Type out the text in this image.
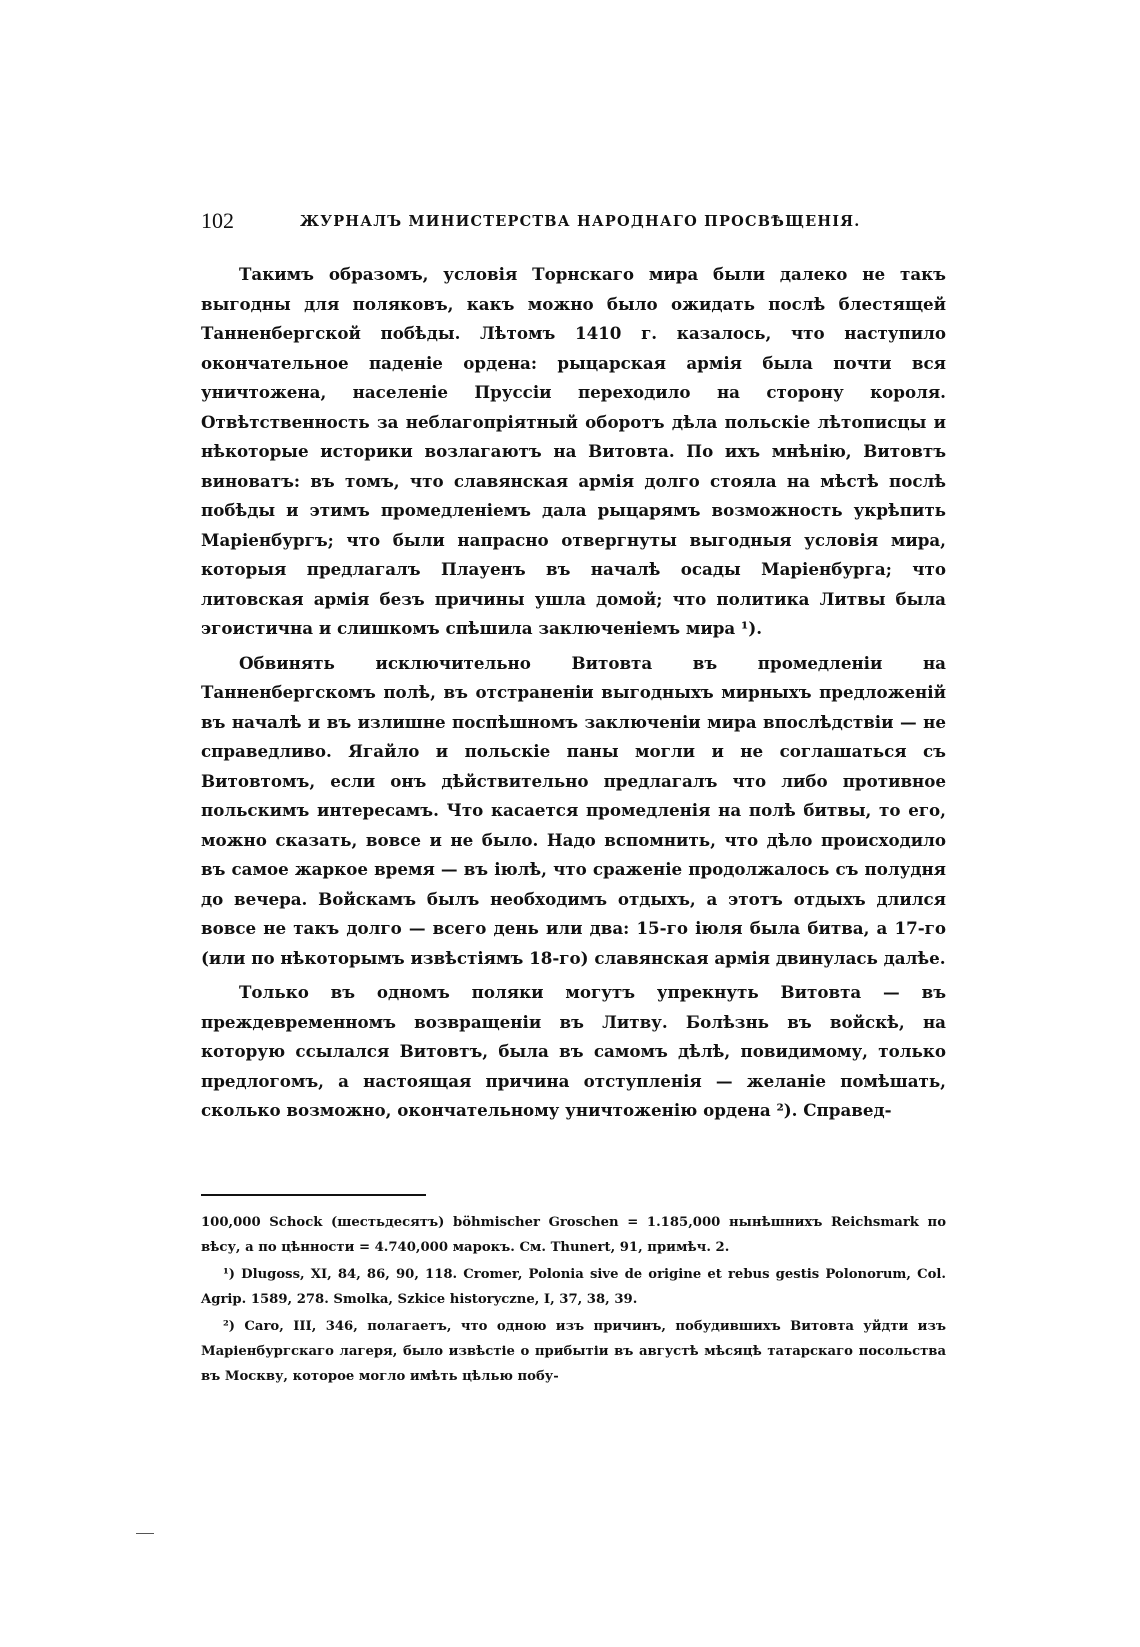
102	ЖУРНАЛЪ МИНИСТЕРСТВА НАРОДНАГО ПРОСВѢЩЕНІЯ.

Такимъ образомъ, условія Торнскаго мира были далеко не такъ выгодны для поляковъ, какъ можно было ожидать послѣ блестящей Танненбергской побѣды. Лѣтомъ 1410 г. казалось, что наступило окончательное паденіе ордена: рыцарская армія была почти вся уничтожена, населеніе Пруссіи переходило на сторону короля. Отвѣтственность за неблагопріятный оборотъ дѣла польскіе лѣтописцы и нѣкоторые историки возлагаютъ на Витовта. По ихъ мнѣнію, Витовтъ виноватъ: въ томъ, что славянская армія долго стояла на мѣстѣ послѣ побѣды и этимъ промедленіемъ дала рыцарямъ возможность укрѣпить Маріенбургъ; что были напрасно отвергнуты выгодныя условія мира, которыя предлагалъ Плауенъ въ началѣ осады Маріенбурга; что литовская армія безъ причины ушла домой; что политика Литвы была эгоистична и слишкомъ спѣшила заключеніемъ мира ¹).

Обвинять исключительно Витовта въ промедленіи на Танненбергскомъ полѣ, въ отстраненіи выгодныхъ мирныхъ предложеній въ началѣ и въ излишне поспѣшномъ заключеніи мира впослѣдствіи — не справедливо. Ягайло и польскіе паны могли и не соглашаться съ Витовтомъ, если онъ дѣйствительно предлагалъ что либо противное польскимъ интересамъ. Что касается промедленія на полѣ битвы, то его, можно сказать, вовсе и не было. Надо вспомнить, что дѣло происходило въ самое жаркое время — въ іюлѣ, что сраженіе продолжалось съ полудня до вечера. Войскамъ былъ необходимъ отдыхъ, а этотъ отдыхъ длился вовсе не такъ долго — всего день или два: 15-го іюля была битва, а 17-го (или по нѣкоторымъ извѣстіямъ 18-го) славянская армія двинулась далѣе.

Только въ одномъ поляки могутъ упрекнуть Витовта — въ преждевременномъ возвращеніи въ Литву. Болѣзнь въ войскѣ, на которую ссылался Витовтъ, была въ самомъ дѣлѣ, повидимому, только предлогомъ, а настоящая причина отступленія — желаніе помѣшать, сколько возможно, окончательному уничтоженію ордена ²). Справед-

100,000 Schock (шестьдесятъ) böhmischer Groschen = 1.185,000 нынѣшнихъ Reichsmark по вѣсу, а по цѣнности = 4.740,000 марокъ. См. Thunert, 91, примѣч. 2.

¹) Dlugoss, XI, 84, 86, 90, 118. Cromer, Polonia sive de origine et rebus gestis Polonorum, Col. Agrip. 1589, 278. Smolka, Szkice historyczne, I, 37, 38, 39.

²) Caro, III, 346, полагаетъ, что одною изъ причинъ, побудившихъ Витовта уйдти изъ Маріенбургскаго лагеря, было извѣстіе о прибытіи въ августѣ мѣсяцѣ татарскаго посольства въ Москву, которое могло имѣть цѣлью побу-
